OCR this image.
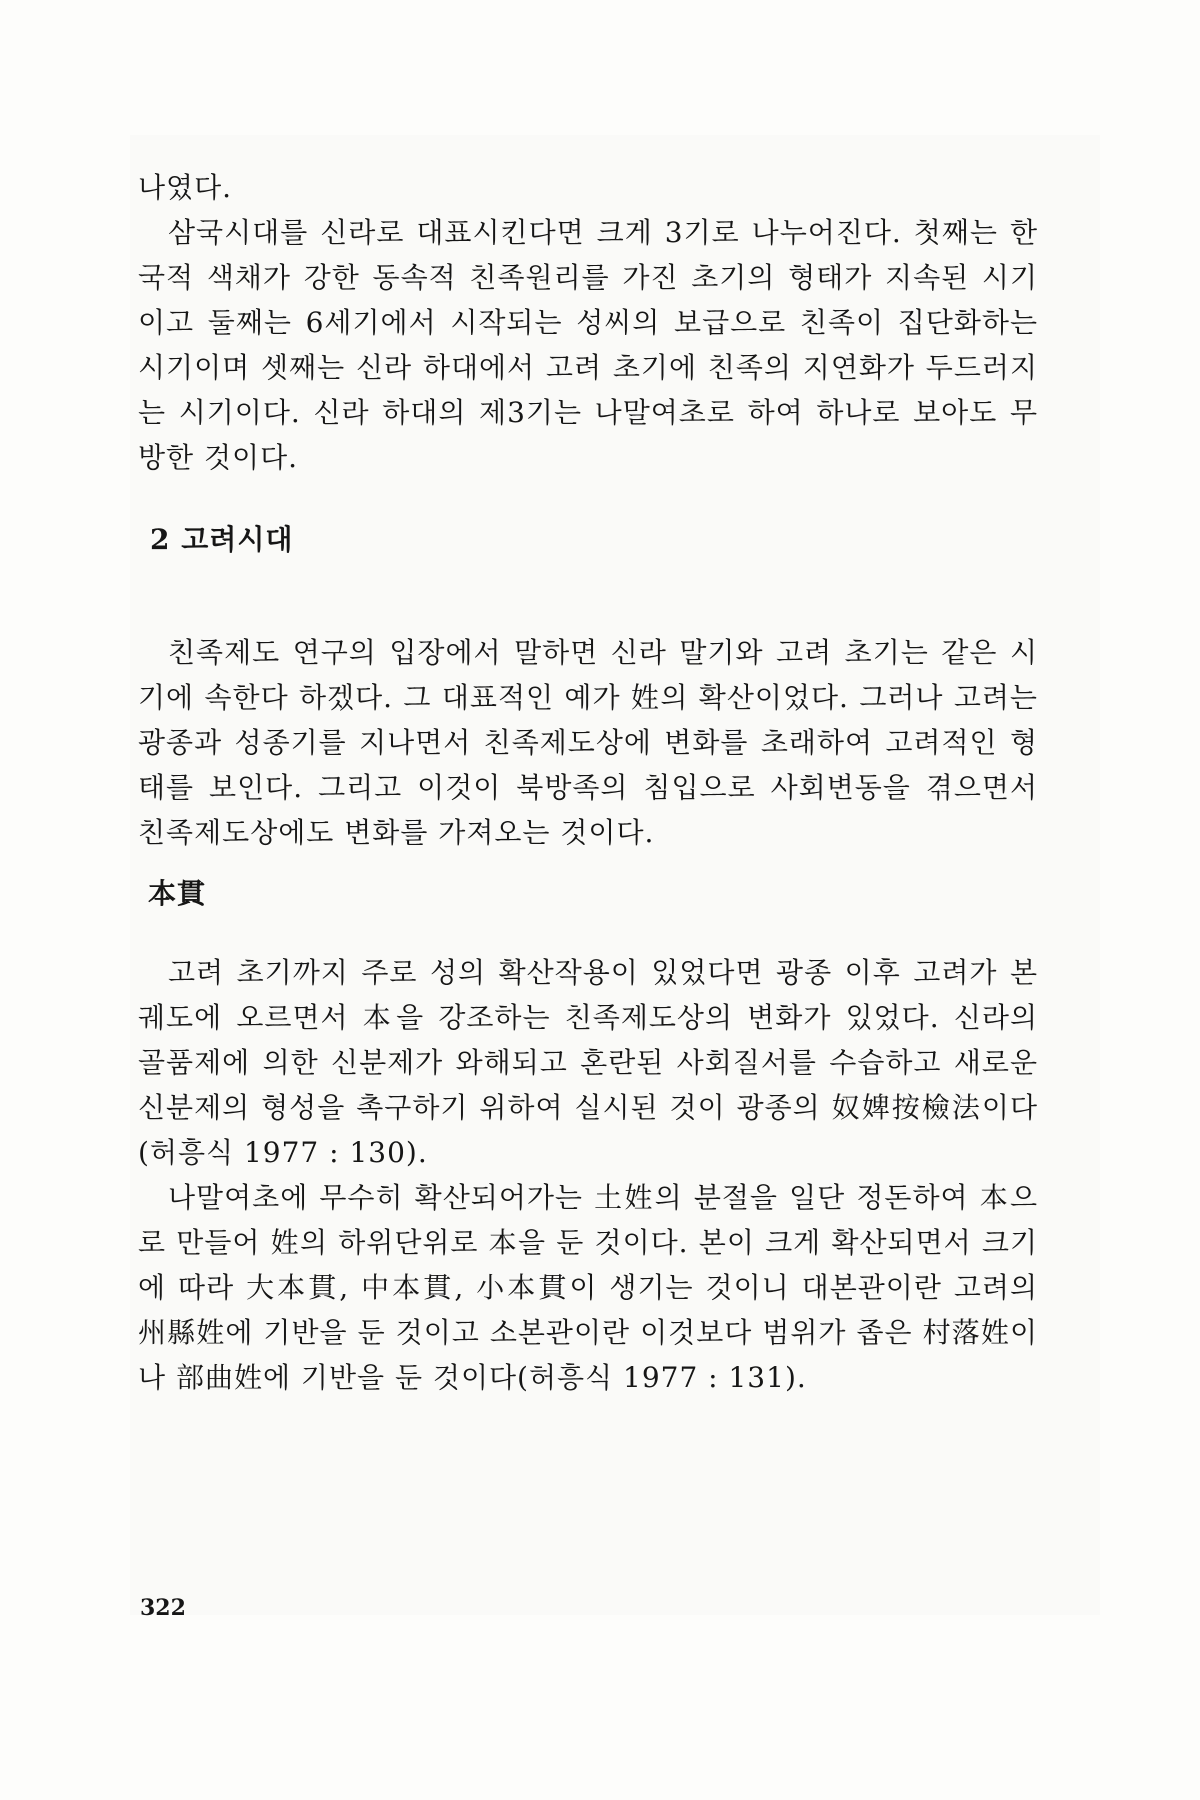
나였다.

삼국시대를 신라로 대표시킨다면 크게 3기로 나누어진다. 첫째는 한국적 색채가 강한 동속적 친족원리를 가진 초기의 형태가 지속된 시기이고 둘째는 6세기에서 시작되는 성씨의 보급으로 친족이 집단화하는 시기이며 셋째는 신라 하대에서 고려 초기에 친족의 지연화가 두드러지는 시기이다. 신라 하대의 제3기는 나말여초로 하여 하나로 보아도 무방한 것이다.

2 고려시대

친족제도 연구의 입장에서 말하면 신라 말기와 고려 초기는 같은 시기에 속한다 하겠다. 그 대표적인 예가 姓의 확산이었다. 그러나 고려는 광종과 성종기를 지나면서 친족제도상에 변화를 초래하여 고려적인 형태를 보인다. 그리고 이것이 북방족의 침입으로 사회변동을 겪으면서 친족제도상에도 변화를 가져오는 것이다.

本貫

고려 초기까지 주로 성의 확산작용이 있었다면 광종 이후 고려가 본 궤도에 오르면서 本을 강조하는 친족제도상의 변화가 있었다. 신라의 골품제에 의한 신분제가 와해되고 혼란된 사회질서를 수습하고 새로운 신분제의 형성을 촉구하기 위하여 실시된 것이 광종의 奴婢按檢法이다(허흥식 1977 : 130).

나말여초에 무수히 확산되어가는 土姓의 분절을 일단 정돈하여 本으로 만들어 姓의 하위단위로 本을 둔 것이다. 본이 크게 확산되면서 크기에 따라 大本貫, 中本貫, 小本貫이 생기는 것이니 대본관이란 고려의 州縣姓에 기반을 둔 것이고 소본관이란 이것보다 범위가 좁은 村落姓이나 部曲姓에 기반을 둔 것이다(허흥식 1977 : 131).

322
